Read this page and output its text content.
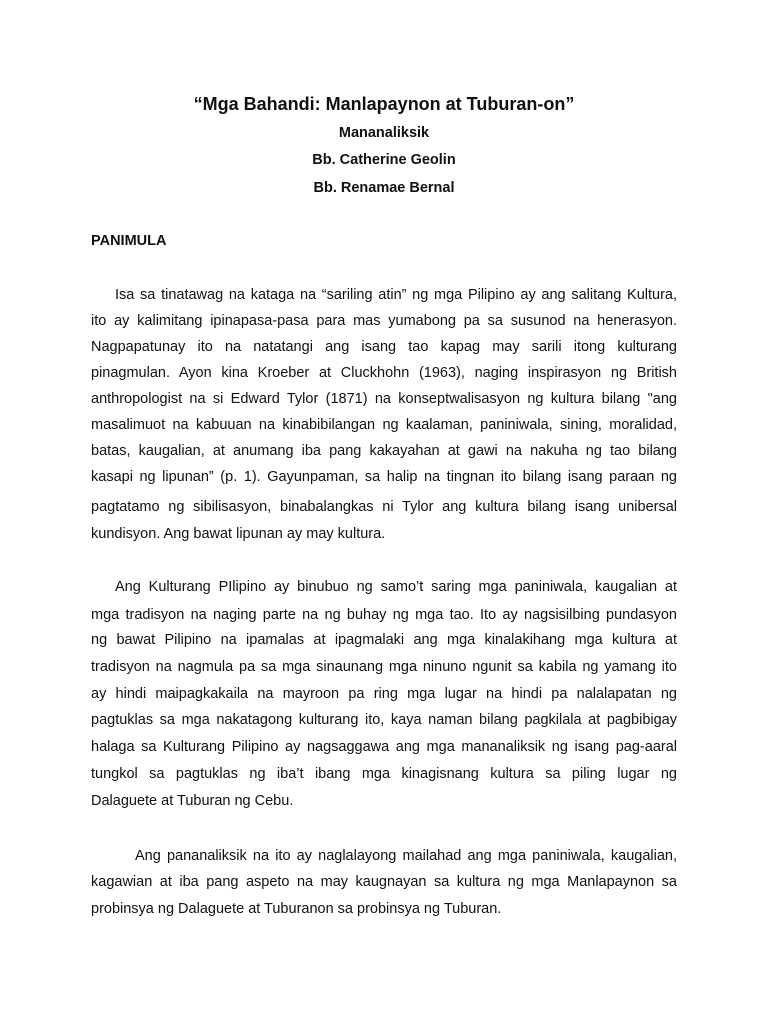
“Mga Bahandi: Manlapaynon at Tuburan-on”
Mananaliksik
Bb. Catherine Geolin
Bb. Renamae Bernal
PANIMULA
Isa sa tinatawag na kataga na “sariling atin” ng mga Pilipino ay ang salitang Kultura,
ito ay kalimitang ipinapasa-pasa para mas yumabong pa sa susunod na henerasyon.
Nagpapatunay ito na natatangi ang isang tao kapag may sarili itong kulturang
pinagmulan. Ayon kina Kroeber at Cluckhohn (1963), naging inspirasyon ng British
anthropologist na si Edward Tylor (1871) na konseptwalisasyon ng kultura bilang "ang
masalimuot na kabuuan na kinabibilangan ng kaalaman, paniniwala, sining, moralidad,
batas, kaugalian, at anumang iba pang kakayahan at gawi na nakuha ng tao bilang
kasapi ng lipunan” (p. 1). Gayunpaman, sa halip na tingnan ito bilang isang paraan ng
pagtatamo ng sibilisasyon, binabalangkas ni Tylor ang kultura bilang isang unibersal
kundisyon. Ang bawat lipunan ay may kultura.
Ang Kulturang PIlipino ay binubuo ng samo’t saring mga paniniwala, kaugalian at
mga tradisyon na naging parte na ng buhay ng mga tao. Ito ay nagsisilbing pundasyon
ng bawat Pilipino na ipamalas at ipagmalaki ang mga kinalakihang mga kultura at
tradisyon na nagmula pa sa mga sinaunang mga ninuno ngunit sa kabila ng yamang ito
ay hindi maipagkakaila na mayroon pa ring mga lugar na hindi pa nalalapatan ng
pagtuklas sa mga nakatagong kulturang ito, kaya naman bilang pagkilala at pagbibigay
halaga sa Kulturang Pilipino ay nagsaggawa ang mga mananaliksik ng isang pag-aaral
tungkol sa pagtuklas ng iba’t ibang mga kinagisnang kultura sa piling lugar ng
Dalaguete at Tuburan ng Cebu.
Ang pananaliksik na ito ay naglalayong mailahad ang mga paniniwala, kaugalian,
kagawian at iba pang aspeto na may kaugnayan sa kultura ng mga Manlapaynon sa
probinsya ng Dalaguete at Tuburanon sa probinsya ng Tuburan.
